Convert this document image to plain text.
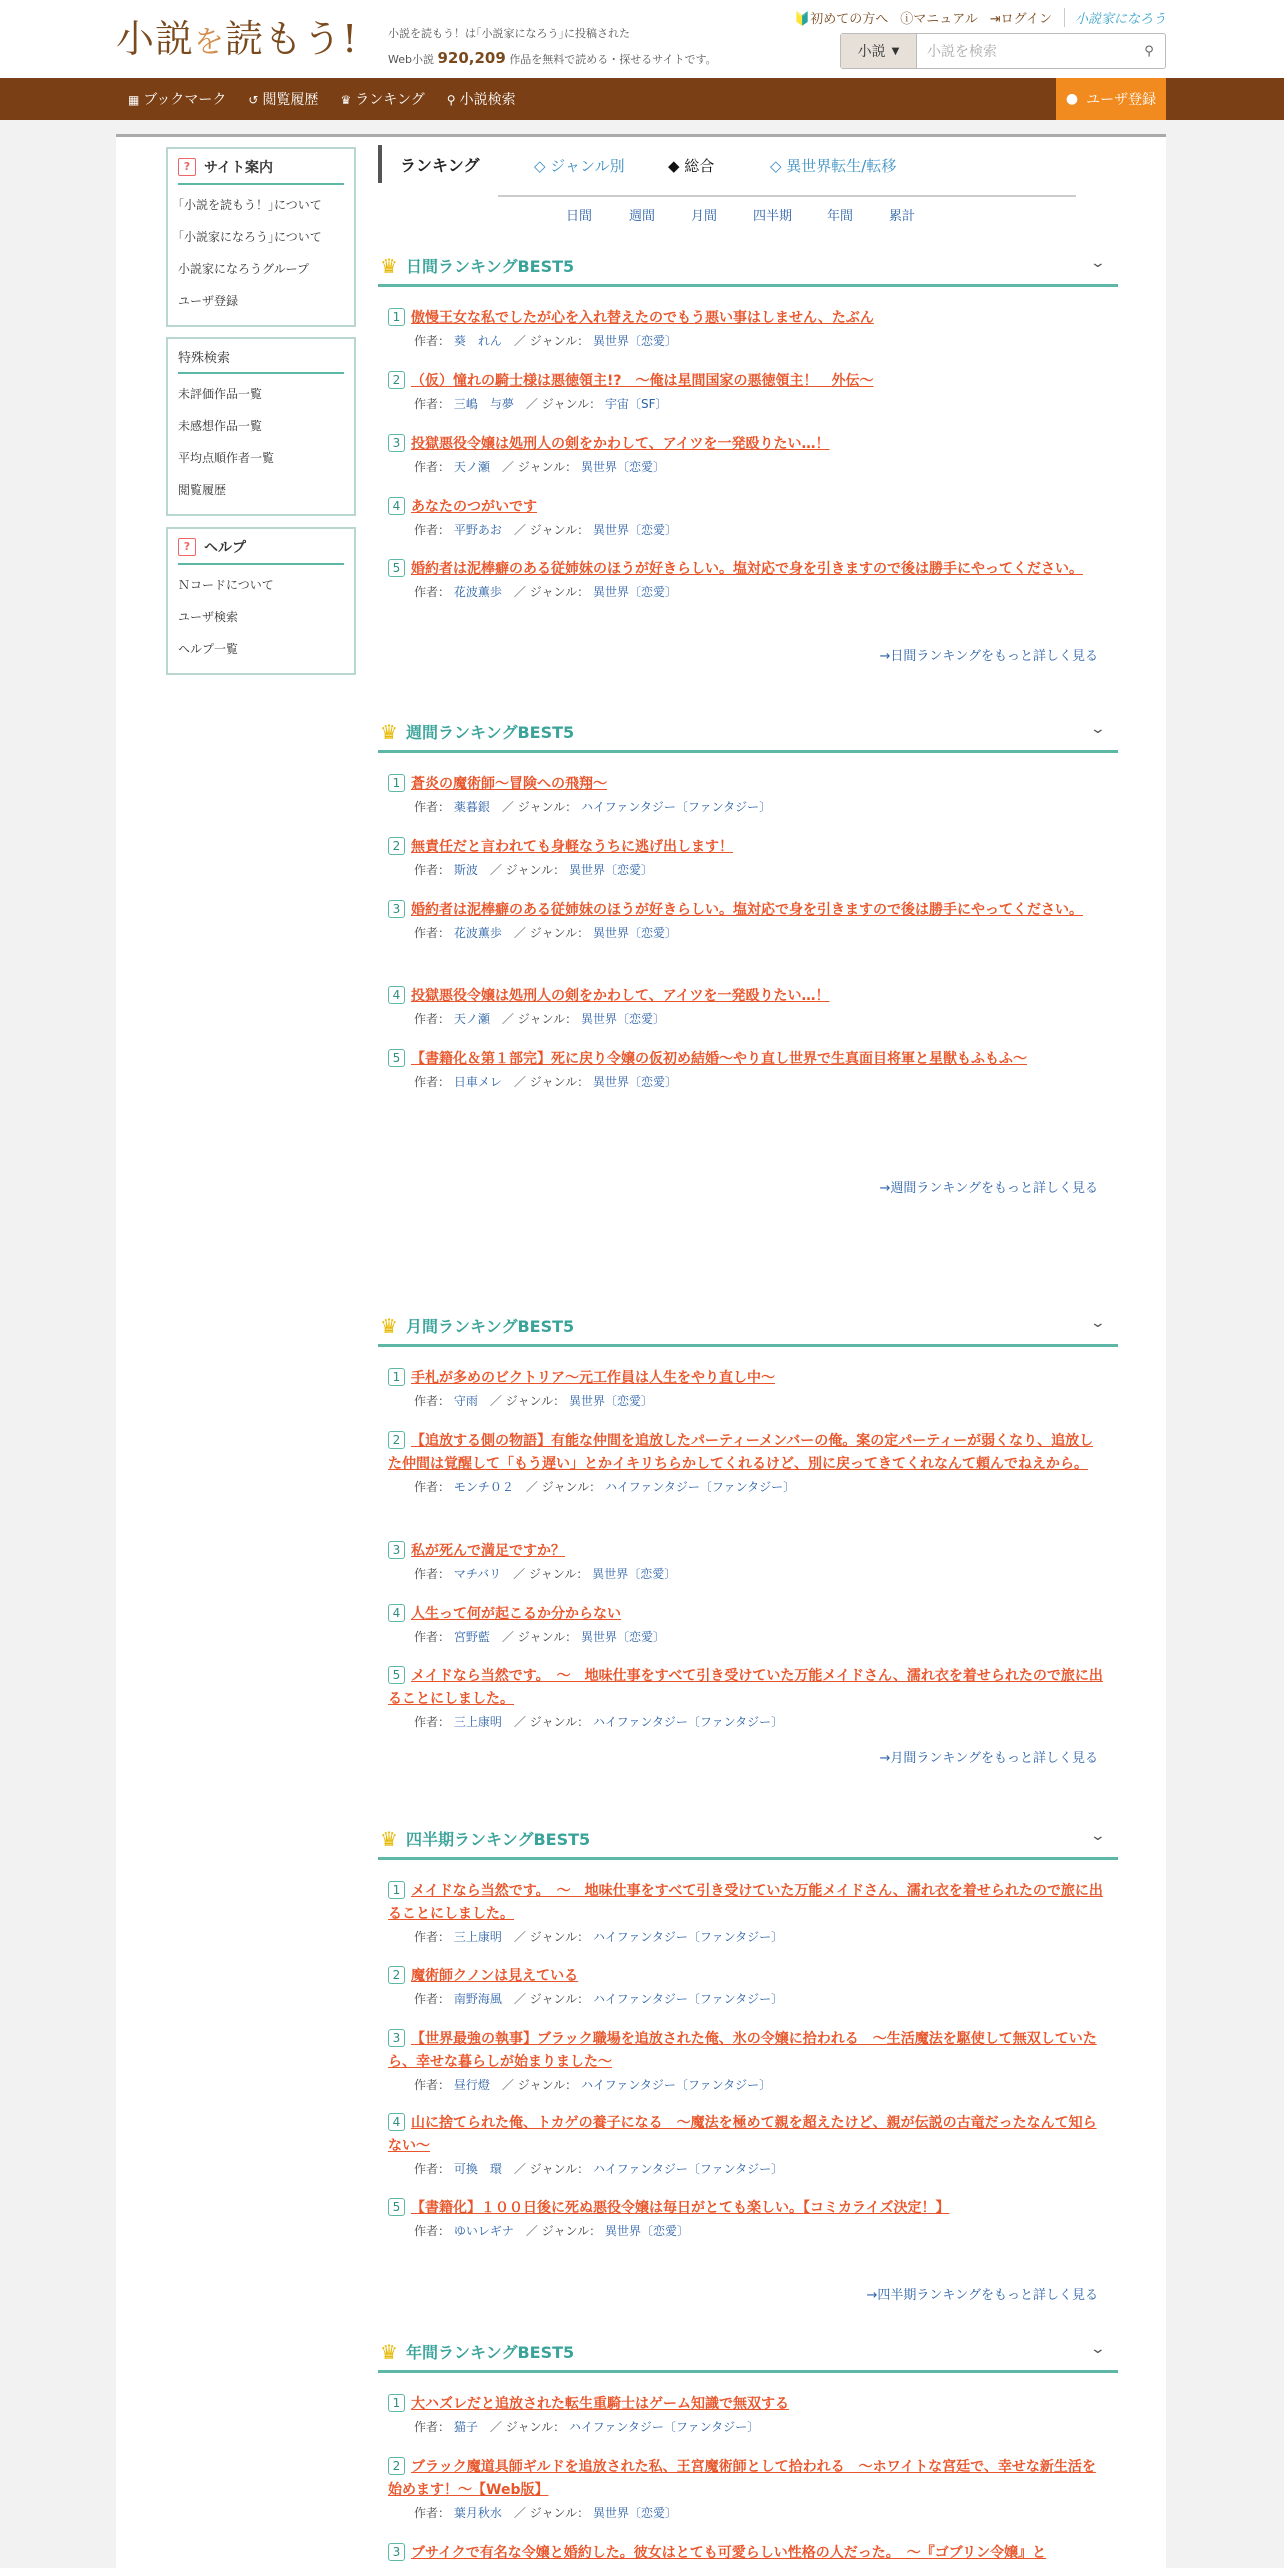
小説を読もう!	小説を読もう！は｢小説家になろう｣に投稿された
Web小説 920,209 作品を無料で読める・探せるサイトです。
🔰初めての方へ ⓘマニュアル ⇥ログイン	小説家になろう
小説 ▼	小説を検索	⚲
▦ ブックマーク ↺ 閲覧履歴 ♛ ランキング ⚲ 小説検索	● ユーザ登録
? サイト案内
｢小説を読もう！｣について
｢小説家になろう｣について
小説家になろうグループ
ユーザ登録
特殊検索
未評価作品一覧
未感想作品一覧
平均点順作者一覧
閲覧履歴
? ヘルプ
Ｎコードについて
ユーザ検索
ヘルプ一覧
ランキング	◇ ジャンル別	◆ 総合	◇ 異世界転生/転移
日間	週間	月間	四半期	年間	累計
♛ 日間ランキングBEST5	⌄
1 傲慢王女な私でしたが心を入れ替えたのでもう悪い事はしません、たぶん
作者： 葵　れん　 ／ ジャンル： 異世界〔恋愛〕
2 （仮）憧れの騎士様は悪徳領主!?　～俺は星間国家の悪徳領主！　外伝～
作者： 三嶋　与夢　 ／ ジャンル： 宇宙〔SF〕
3 投獄悪役令嬢は処刑人の剣をかわして、アイツを一発殴りたい…！
作者： 天ノ瀬　 ／ ジャンル： 異世界〔恋愛〕
4 あなたのつがいです
作者： 平野あお　 ／ ジャンル： 異世界〔恋愛〕
5 婚約者は泥棒癖のある従姉妹のほうが好きらしい。塩対応で身を引きますので後は勝手にやってください。
作者： 花波薫歩　 ／ ジャンル： 異世界〔恋愛〕
→日間ランキングをもっと詳しく見る
♛ 週間ランキングBEST5	⌄
1 蒼炎の魔術師～冒険への飛翔～
作者： 薬暮銀　 ／ ジャンル： ハイファンタジー〔ファンタジー〕
2 無責任だと言われても身軽なうちに逃げ出します！
作者： 斯波　 ／ ジャンル： 異世界〔恋愛〕
3 婚約者は泥棒癖のある従姉妹のほうが好きらしい。塩対応で身を引きますので後は勝手にやってください。
作者： 花波薫歩　 ／ ジャンル： 異世界〔恋愛〕
4 投獄悪役令嬢は処刑人の剣をかわして、アイツを一発殴りたい…！
作者： 天ノ瀬　 ／ ジャンル： 異世界〔恋愛〕
5 【書籍化＆第１部完】死に戻り令嬢の仮初め結婚～やり直し世界で生真面目将軍と星獣もふもふ～
作者： 日車メレ　 ／ ジャンル： 異世界〔恋愛〕
→週間ランキングをもっと詳しく見る
♛ 月間ランキングBEST5	⌄
1 手札が多めのビクトリア～元工作員は人生をやり直し中～
作者： 守雨　 ／ ジャンル： 異世界〔恋愛〕
2 【追放する側の物語】有能な仲間を追放したパーティーメンバーの俺。案の定パーティーが弱くなり、追放した仲間は覚醒して「もう遅い」とかイキリちらかしてくれるけど、別に戻ってきてくれなんて頼んでねえから。
作者： モンチ０２　 ／ ジャンル： ハイファンタジー〔ファンタジー〕
3 私が死んで満足ですか？
作者： マチバリ　 ／ ジャンル： 異世界〔恋愛〕
4 人生って何が起こるか分からない
作者： 宮野藍　 ／ ジャンル： 異世界〔恋愛〕
5 メイドなら当然です。　～　地味仕事をすべて引き受けていた万能メイドさん、濡れ衣を着せられたので旅に出ることにしました。
作者： 三上康明　 ／ ジャンル： ハイファンタジー〔ファンタジー〕
→月間ランキングをもっと詳しく見る
♛ 四半期ランキングBEST5	⌄
1 メイドなら当然です。　～　地味仕事をすべて引き受けていた万能メイドさん、濡れ衣を着せられたので旅に出ることにしました。
作者： 三上康明　 ／ ジャンル： ハイファンタジー〔ファンタジー〕
2 魔術師クノンは見えている
作者： 南野海風　 ／ ジャンル： ハイファンタジー〔ファンタジー〕
3 【世界最強の執事】ブラック職場を追放された俺、氷の令嬢に拾われる　～生活魔法を駆使して無双していたら、幸せな暮らしが始まりました～
作者： 昼行燈　 ／ ジャンル： ハイファンタジー〔ファンタジー〕
4 山に捨てられた俺、トカゲの養子になる　～魔法を極めて親を超えたけど、親が伝説の古竜だったなんて知らない～
作者： 可換　環　 ／ ジャンル： ハイファンタジー〔ファンタジー〕
5 【書籍化】１００日後に死ぬ悪役令嬢は毎日がとても楽しい。【コミカライズ決定！】
作者： ゆいレギナ　 ／ ジャンル： 異世界〔恋愛〕
→四半期ランキングをもっと詳しく見る
♛ 年間ランキングBEST5	⌄
1 大ハズレだと追放された転生重騎士はゲーム知識で無双する
作者： 猫子　 ／ ジャンル： ハイファンタジー〔ファンタジー〕
2 ブラック魔道具師ギルドを追放された私、王宮魔術師として拾われる　～ホワイトな宮廷で、幸せな新生活を始めます！～【Web版】
作者： 葉月秋水　 ／ ジャンル： 異世界〔恋愛〕
3 ブサイクで有名な令嬢と婚約した。彼女はとても可愛らしい性格の人だった。　～『ゴブリン令嬢』と
